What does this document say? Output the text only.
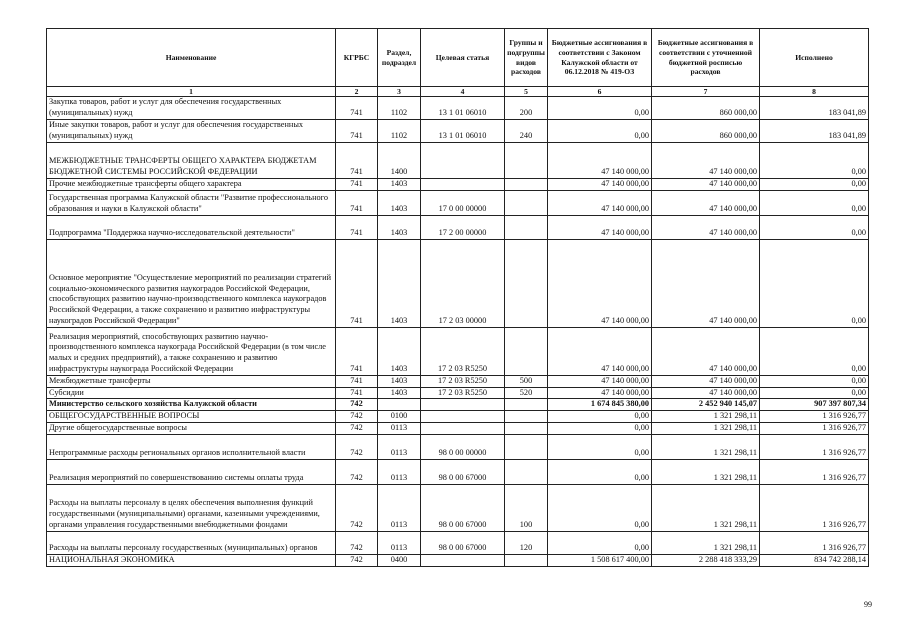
Наименование	КГРБС	Раздел, подраздел	Целевая статья	Группы и подгруппы видов расходов	Бюджетные ассигнования в соответствии с Законом Калужской области от 06.12.2018 № 419-ОЗ	Бюджетные ассигнования в соответствии с уточненной бюджетной росписью расходов	Исполнено
1	2	3	4	5	6	7	8
Закупка товаров, работ и услуг для обеспечения государственных (муниципальных) нужд	741	1102	13 1 01 06010	200	0,00	860 000,00	183 041,89
Иные закупки товаров, работ и услуг для обеспечения государственных (муниципальных) нужд	741	1102	13 1 01 06010	240	0,00	860 000,00	183 041,89
МЕЖБЮДЖЕТНЫЕ ТРАНСФЕРТЫ ОБЩЕГО ХАРАКТЕРА БЮДЖЕТАМ БЮДЖЕТНОЙ СИСТЕМЫ РОССИЙСКОЙ ФЕДЕРАЦИИ	741	1400			47 140 000,00	47 140 000,00	0,00
Прочие межбюджетные трансферты общего характера	741	1403			47 140 000,00	47 140 000,00	0,00
Государственная программа Калужской области "Развитие профессионального образования и науки в Калужской области"	741	1403	17 0 00 00000		47 140 000,00	47 140 000,00	0,00
Подпрограмма "Поддержка научно-исследовательской деятельности"	741	1403	17 2 00 00000		47 140 000,00	47 140 000,00	0,00
Основное мероприятие "Осуществление мероприятий по реализации стратегий социально-экономического развития наукоградов Российской Федерации, способствующих развитию научно-производственного комплекса наукоградов Российской Федерации, а также сохранению и развитию инфраструктуры наукоградов Российской Федерации"	741	1403	17 2 03 00000		47 140 000,00	47 140 000,00	0,00
Реализация мероприятий, способствующих развитию научно-производственного комплекса наукограда Российской Федерации (в том числе малых и средних предприятий), а также сохранению и развитию инфраструктуры наукограда Российской Федерации	741	1403	17 2 03 R5250		47 140 000,00	47 140 000,00	0,00
Межбюджетные трансферты	741	1403	17 2 03 R5250	500	47 140 000,00	47 140 000,00	0,00
Субсидии	741	1403	17 2 03 R5250	520	47 140 000,00	47 140 000,00	0,00
Министерство сельского хозяйства Калужской области	742				1 674 845 380,00	2 452 940 145,07	907 397 807,34
ОБЩЕГОСУДАРСТВЕННЫЕ ВОПРОСЫ	742	0100			0,00	1 321 298,11	1 316 926,77
Другие общегосударственные вопросы	742	0113			0,00	1 321 298,11	1 316 926,77
Непрограммные расходы региональных органов исполнительной власти	742	0113	98 0 00 00000		0,00	1 321 298,11	1 316 926,77
Реализация мероприятий по совершенствованию системы оплаты труда	742	0113	98 0 00 67000		0,00	1 321 298,11	1 316 926,77
Расходы на выплаты персоналу в целях обеспечения выполнения функций государственными (муниципальными) органами, казенными учреждениями, органами управления государственными внебюджетными фондами	742	0113	98 0 00 67000	100	0,00	1 321 298,11	1 316 926,77
Расходы на выплаты персоналу государственных (муниципальных) органов	742	0113	98 0 00 67000	120	0,00	1 321 298,11	1 316 926,77
НАЦИОНАЛЬНАЯ ЭКОНОМИКА	742	0400			1 508 617 400,00	2 288 418 333,29	834 742 288,14
99
